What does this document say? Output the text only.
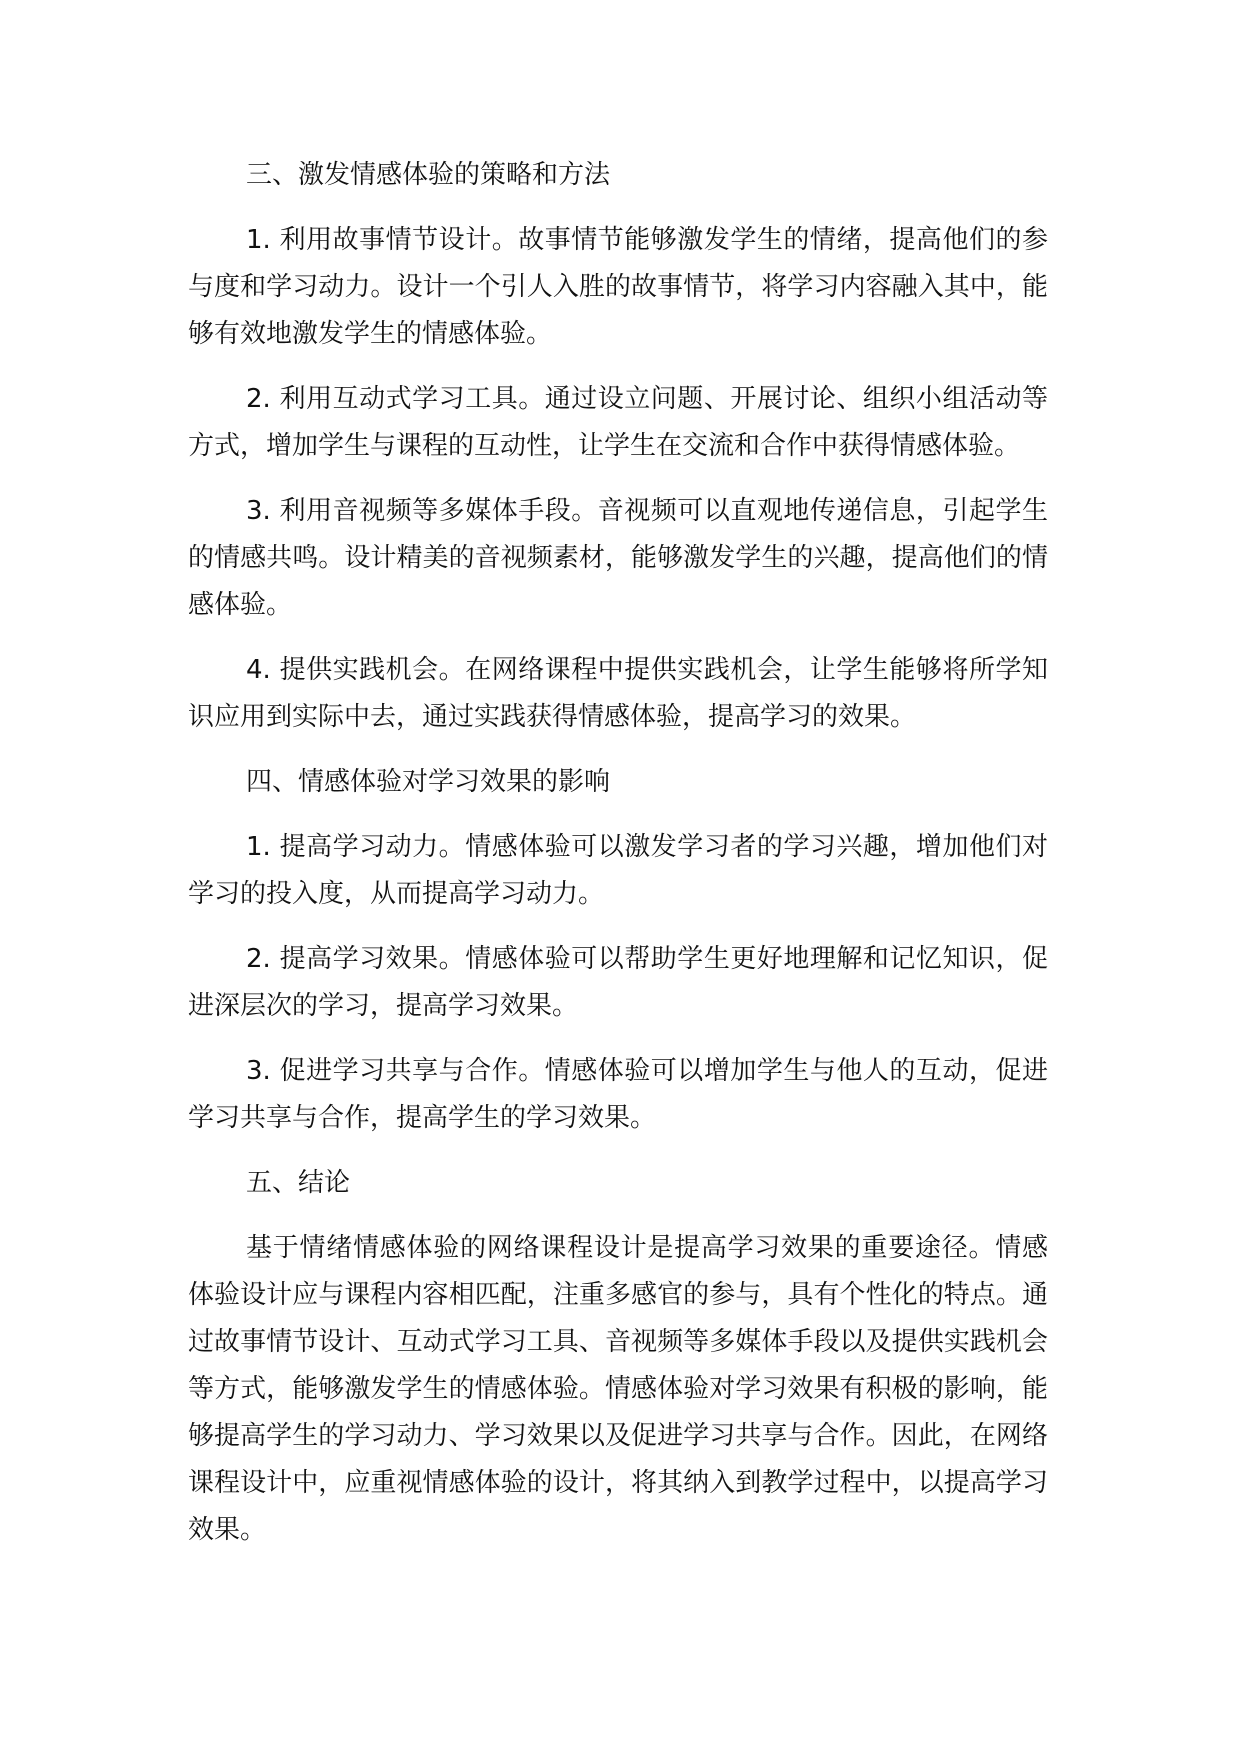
三、激发情感体验的策略和方法

1. 利用故事情节设计。故事情节能够激发学生的情绪，提高他们的参与度和学习动力。设计一个引人入胜的故事情节，将学习内容融入其中，能够有效地激发学生的情感体验。

2. 利用互动式学习工具。通过设立问题、开展讨论、组织小组活动等方式，增加学生与课程的互动性，让学生在交流和合作中获得情感体验。

3. 利用音视频等多媒体手段。音视频可以直观地传递信息，引起学生的情感共鸣。设计精美的音视频素材，能够激发学生的兴趣，提高他们的情感体验。

4. 提供实践机会。在网络课程中提供实践机会，让学生能够将所学知识应用到实际中去，通过实践获得情感体验，提高学习的效果。

四、情感体验对学习效果的影响

1. 提高学习动力。情感体验可以激发学习者的学习兴趣，增加他们对学习的投入度，从而提高学习动力。

2. 提高学习效果。情感体验可以帮助学生更好地理解和记忆知识，促进深层次的学习，提高学习效果。

3. 促进学习共享与合作。情感体验可以增加学生与他人的互动，促进学习共享与合作，提高学生的学习效果。

五、结论

基于情绪情感体验的网络课程设计是提高学习效果的重要途径。情感体验设计应与课程内容相匹配，注重多感官的参与，具有个性化的特点。通过故事情节设计、互动式学习工具、音视频等多媒体手段以及提供实践机会等方式，能够激发学生的情感体验。情感体验对学习效果有积极的影响，能够提高学生的学习动力、学习效果以及促进学习共享与合作。因此，在网络课程设计中，应重视情感体验的设计，将其纳入到教学过程中，以提高学习效果。
